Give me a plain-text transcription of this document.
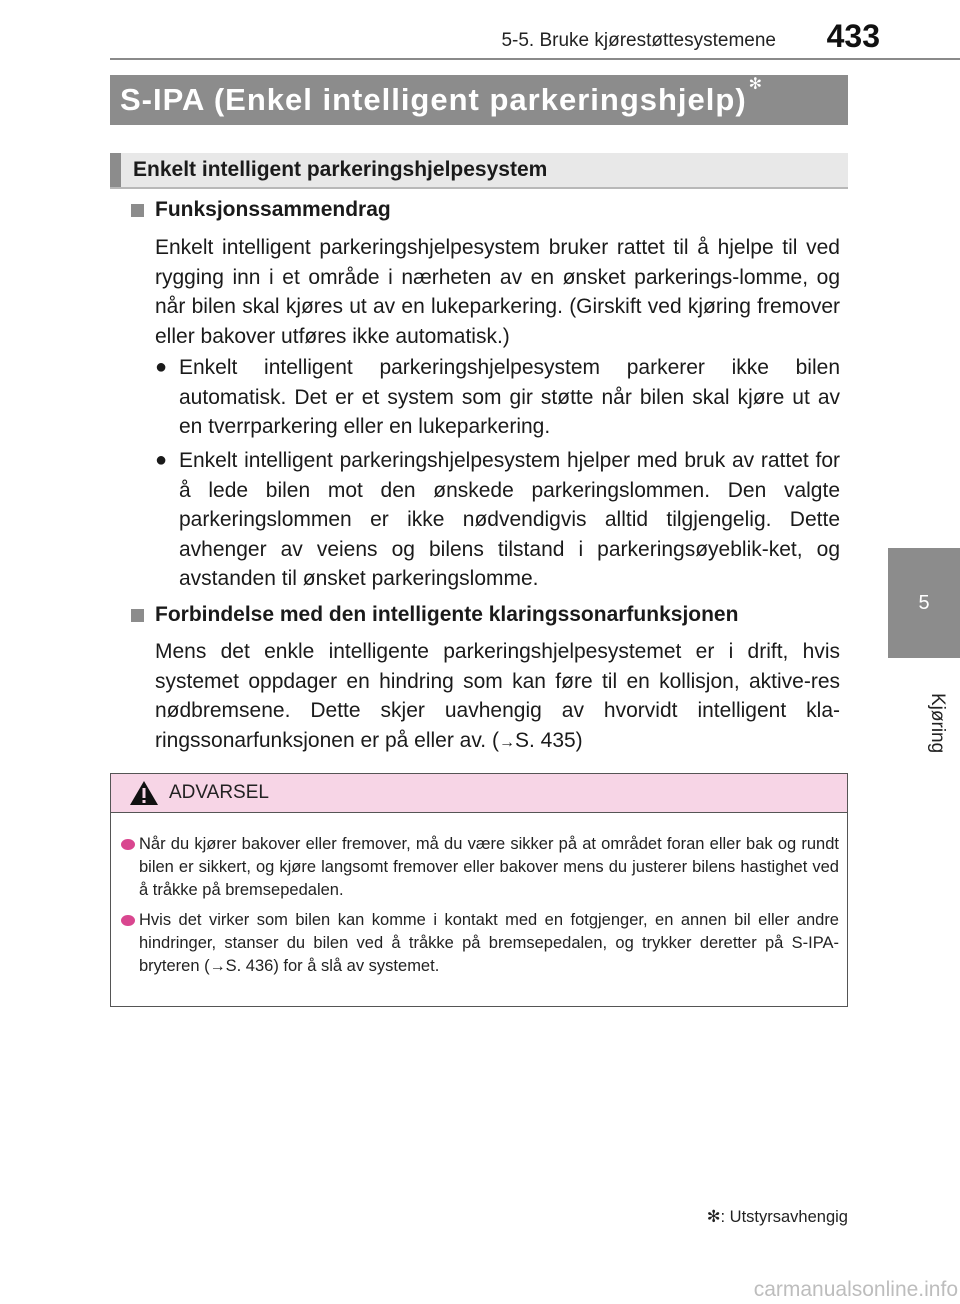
5-5. Bruke kjørestøttesystemene 433
5
Kjøring
S-IPA (Enkel intelligent parkeringshjelp) ✻
Enkelt intelligent parkeringshjelpesystem
Funksjonssammendrag
Enkelt intelligent parkeringshjelpesystem bruker rattet til å hjelpe til ved rygging inn i et område i nærheten av en ønsket parkerings-lomme, og når bilen skal kjøres ut av en lukeparkering. (Girskift ved kjøring fremover eller bakover utføres ikke automatisk.)
● Enkelt intelligent parkeringshjelpesystem parkerer ikke bilen automatisk. Det er et system som gir støtte når bilen skal kjøre ut av en tverrparkering eller en lukeparkering.
● Enkelt intelligent parkeringshjelpesystem hjelper med bruk av rattet for å lede bilen mot den ønskede parkeringslommen. Den valgte parkeringslommen er ikke nødvendigvis alltid tilgjengelig. Dette avhenger av veiens og bilens tilstand i parkeringsøyeblik-ket, og avstanden til ønsket parkeringslomme.
Forbindelse med den intelligente klaringssonarfunksjonen
Mens det enkle intelligente parkeringshjelpesystemet er i drift, hvis systemet oppdager en hindring som kan føre til en kollisjon, aktive-res nødbremsene. Dette skjer uavhengig av hvorvidt intelligent kla-ringssonarfunksjonen er på eller av. (→S. 435)
ADVARSEL
Når du kjører bakover eller fremover, må du være sikker på at området foran eller bak og rundt bilen er sikkert, og kjøre langsomt fremover eller bakover mens du justerer bilens hastighet ved å tråkke på bremsepedalen.
Hvis det virker som bilen kan komme i kontakt med en fotgjenger, en annen bil eller andre hindringer, stanser du bilen ved å tråkke på bremsepedalen, og trykker deretter på S-IPA-bryteren (→S. 436) for å slå av systemet.
✻: Utstyrsavhengig
carmanualsonline.info
